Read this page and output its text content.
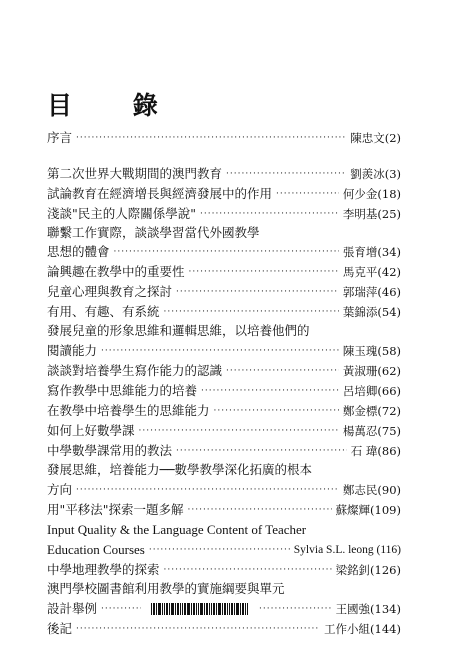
目 錄
序言 ·····	陳忠文(2)
第二次世界大戰期間的澳門教育 ·····	劉羨冰(3)
試論教育在經濟增長與經濟發展中的作用 ·····	何少金(18)
淺談"民主的人際關係學說" ·····	李明基(25)
聯繫工作實際，談談學習當代外國教學
思想的體會 ·····	張育增(34)
論興趣在教學中的重要性 ·····	馬克平(42)
兒童心理與教育之探討 ·····	郭瑞萍(46)
有用、有趣、有系統 ·····	葉錦添(54)
發展兒童的形象思維和邏輯思維，以培養他們的
閱讀能力 ·····	陳玉瑰(58)
談談對培養學生寫作能力的認識 ·····	黃淑珊(62)
寫作教學中思維能力的培養 ·····	呂培卿(66)
在教學中培養學生的思維能力 ·····	鄭金標(72)
如何上好數學課 ·····	楊萬忍(75)
中學數學課常用的教法 ·····	石 瑋(86)
發展思維，培養能力──數學教學深化拓廣的根本
方向 ·····	鄭志民(90)
用"平移法"探索一題多解 ·····	蘇燦輝(109)
Input Quality & the Language Content of Teacher
Education Courses ·····	Sylvia S.L. leong (116)
中學地理教學的探索 ·····	梁銘釗(126)
澳門學校圖書館利用教學的實施綱要與單元
設計舉例 ····· ·····	王國強(134)
後記 ·····	工作小組(144)
